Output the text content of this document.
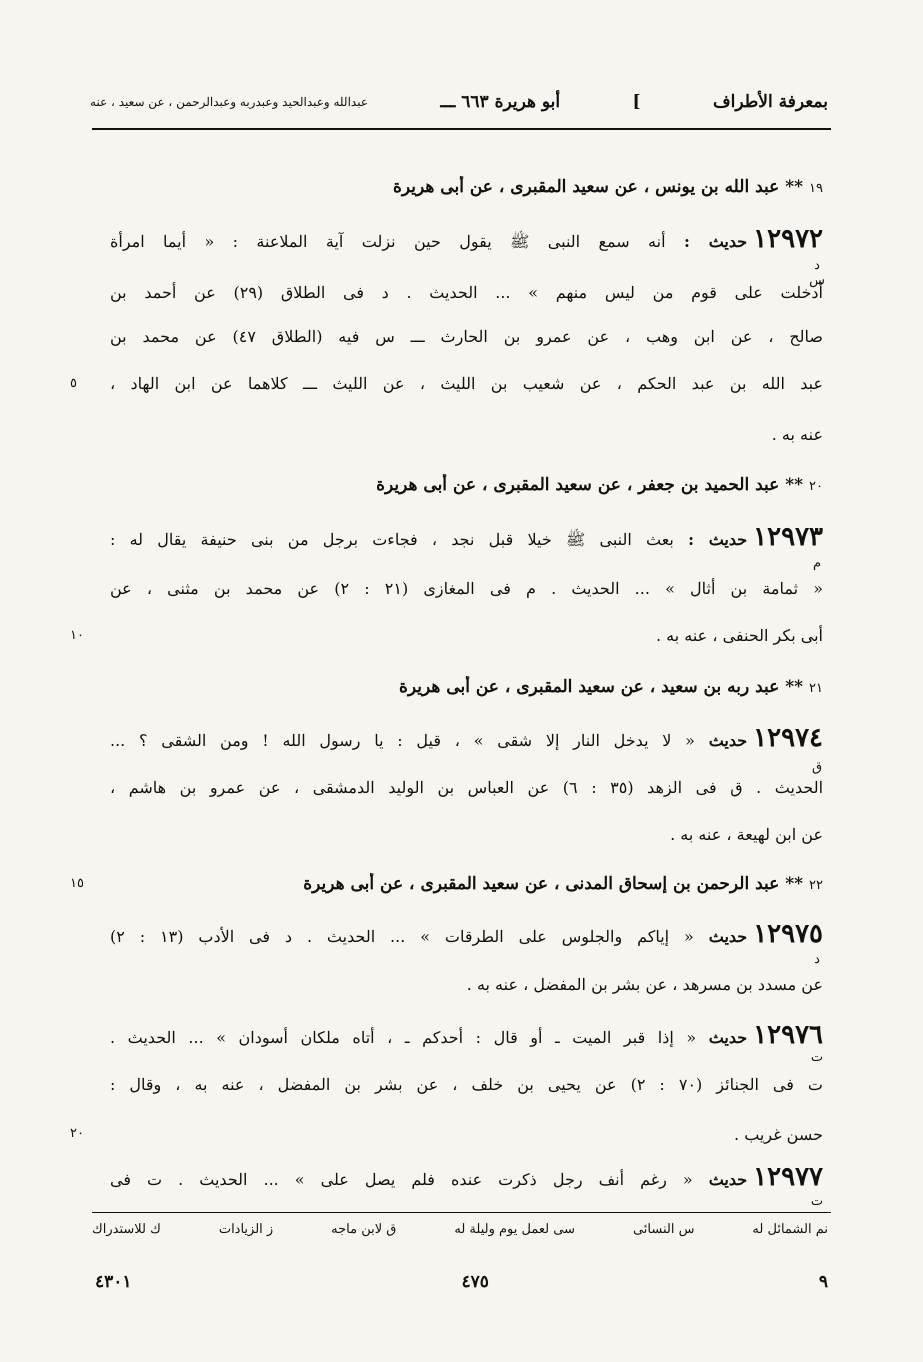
بمعرفة الأطراف
]
أبو هريرة ٦٦٣ ـــ
عبدالله وعبدالحيد وعبدربه وعبدالرحمن ، عن سعيد ، عنه
١٩** عبد الله بن يونس ، عن سعيد المقبرى ، عن أبى هريرة
١٢٩٧٢حديث : أنه سمع النبى ﷺ يقول حين نزلت آية الملاعنة : « أيما امرأة
د س
أدخلت على قوم من ليس منهم » ... الحديث . د فى الطلاق (٢٩) عن أحمد بن
صالح ، عن ابن وهب ، عن عمرو بن الحارث ـــ س فيه (الطلاق ٤٧) عن محمد بن
عبد الله بن عبد الحكم ، عن شعيب بن الليث ، عن الليث ـــ كلاهما عن ابن الهاد ،
عنه به .
٥
٢٠** عبد الحميد بن جعفر ، عن سعيد المقبرى ، عن أبى هريرة
١٢٩٧٣حديث : بعث النبى ﷺ خيلا قبل نجد ، فجاءت برجل من بنى حنيفة يقال له :
م
« ثمامة بن أثال » ... الحديث . م فى المغازى (٢١ : ٢) عن محمد بن مثنى ، عن
أبى بكر الحنفى ، عنه به .
١٠
٢١** عبد ربه بن سعيد ، عن سعيد المقبرى ، عن أبى هريرة
١٢٩٧٤حديث « لا يدخل النار إلا شقى » ، قيل : يا رسول الله ! ومن الشقى ؟ ...
ق
الحديث . ق فى الزهد (٣٥ : ٦) عن العباس بن الوليد الدمشقى ، عن عمرو بن هاشم ،
عن ابن لهيعة ، عنه به .
٢٢** عبد الرحمن بن إسحاق المدنى ، عن سعيد المقبرى ، عن أبى هريرة
١٥
١٢٩٧٥حديث « إياكم والجلوس على الطرقات » ... الحديث . د فى الأدب (١٣ : ٢)
د
عن مسدد بن مسرهد ، عن بشر بن المفضل ، عنه به .
١٢٩٧٦حديث « إذا قبر الميت ـ أو قال : أحدكم ـ ، أتاه ملكان أسودان » ... الحديث .
ت
ت فى الجنائز (٧٠ : ٢) عن يحيى بن خلف ، عن بشر بن المفضل ، عنه به ، وقال :
حسن غريب .
٢٠
١٢٩٧٧حديث « رغم أنف رجل ذكرت عنده فلم يصل على » ... الحديث . ت فى
ت
نم الشمائل له
س النسائى
سى لعمل يوم وليلة له
ق لابن ماجه
ز الزيادات
ك للاستدراك
٩
٤٧٥
٤٣٠١
